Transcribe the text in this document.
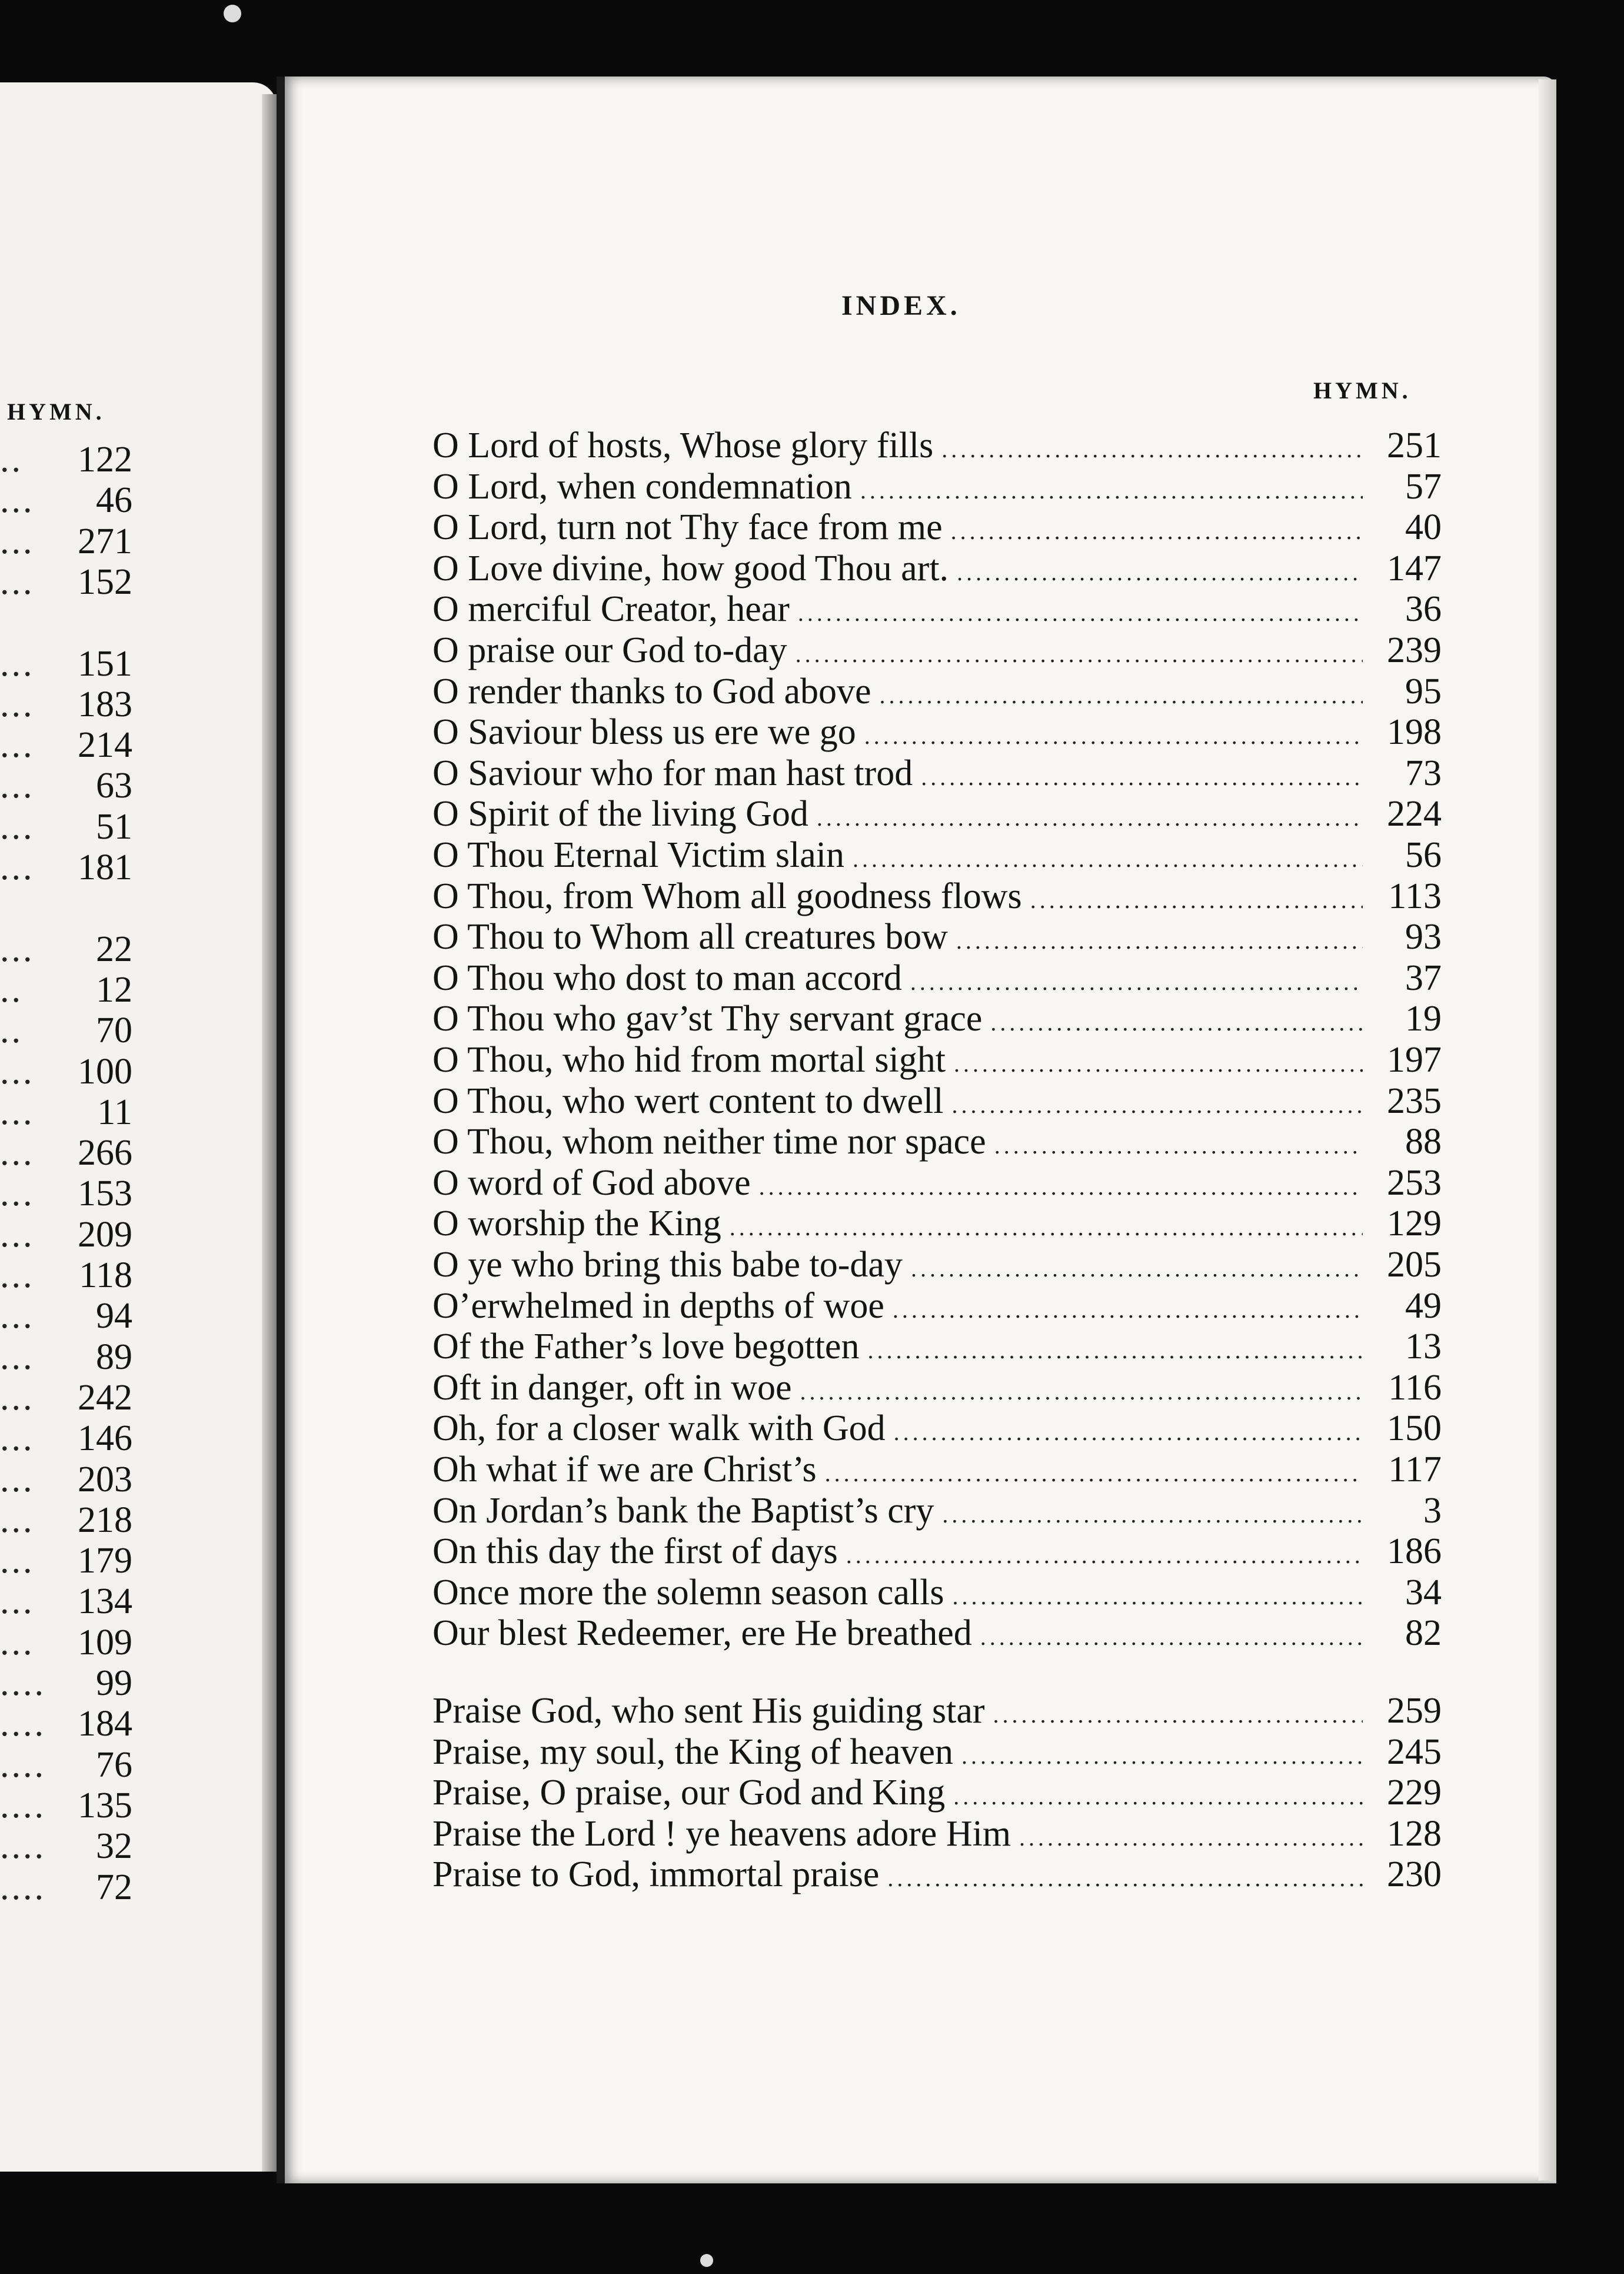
HYMN.
.. 122
... 46
... 271
... 152
... 151
... 183
... 214
... 63
... 51
... 181
... 22
.. 12
.. 70
... 100
... 11
... 266
... 153
... 209
... 118
... 94
... 89
... 242
... 146
... 203
... 218
... 179
... 134
... 109
.... 99
.... 184
.... 76
.... 135
.... 32
.... 72
INDEX.
HYMN.
O Lord of hosts, Whose glory fills .....	251
O Lord, when condemnation .....	57
O Lord, turn not Thy face from me .....	40
O Love divine, how good Thou art. .....	147
O merciful Creator, hear .....	36
O praise our God to-day .....	239
O render thanks to God above .....	95
O Saviour bless us ere we go .....	198
O Saviour who for man hast trod .....	73
O Spirit of the living God .....	224
O Thou Eternal Victim slain .....	56
O Thou, from Whom all goodness flows .....	113
O Thou to Whom all creatures bow .....	93
O Thou who dost to man accord .....	37
O Thou who gav’st Thy servant grace .....	19
O Thou, who hid from mortal sight .....	197
O Thou, who wert content to dwell .....	235
O Thou, whom neither time nor space .....	88
O word of God above .....	253
O worship the King .....	129
O ye who bring this babe to-day .....	205
O’erwhelmed in depths of woe .....	49
Of the Father’s love begotten .....	13
Oft in danger, oft in woe .....	116
Oh, for a closer walk with God .....	150
Oh what if we are Christ’s .....	117
On Jordan’s bank the Baptist’s cry .....	3
On this day the first of days .....	186
Once more the solemn season calls .....	34
Our blest Redeemer, ere He breathed .....	82
Praise God, who sent His guiding star .....	259
Praise, my soul, the King of heaven .....	245
Praise, O praise, our God and King .....	229
Praise the Lord ! ye heavens adore Him .....	128
Praise to God, immortal praise .....	230
